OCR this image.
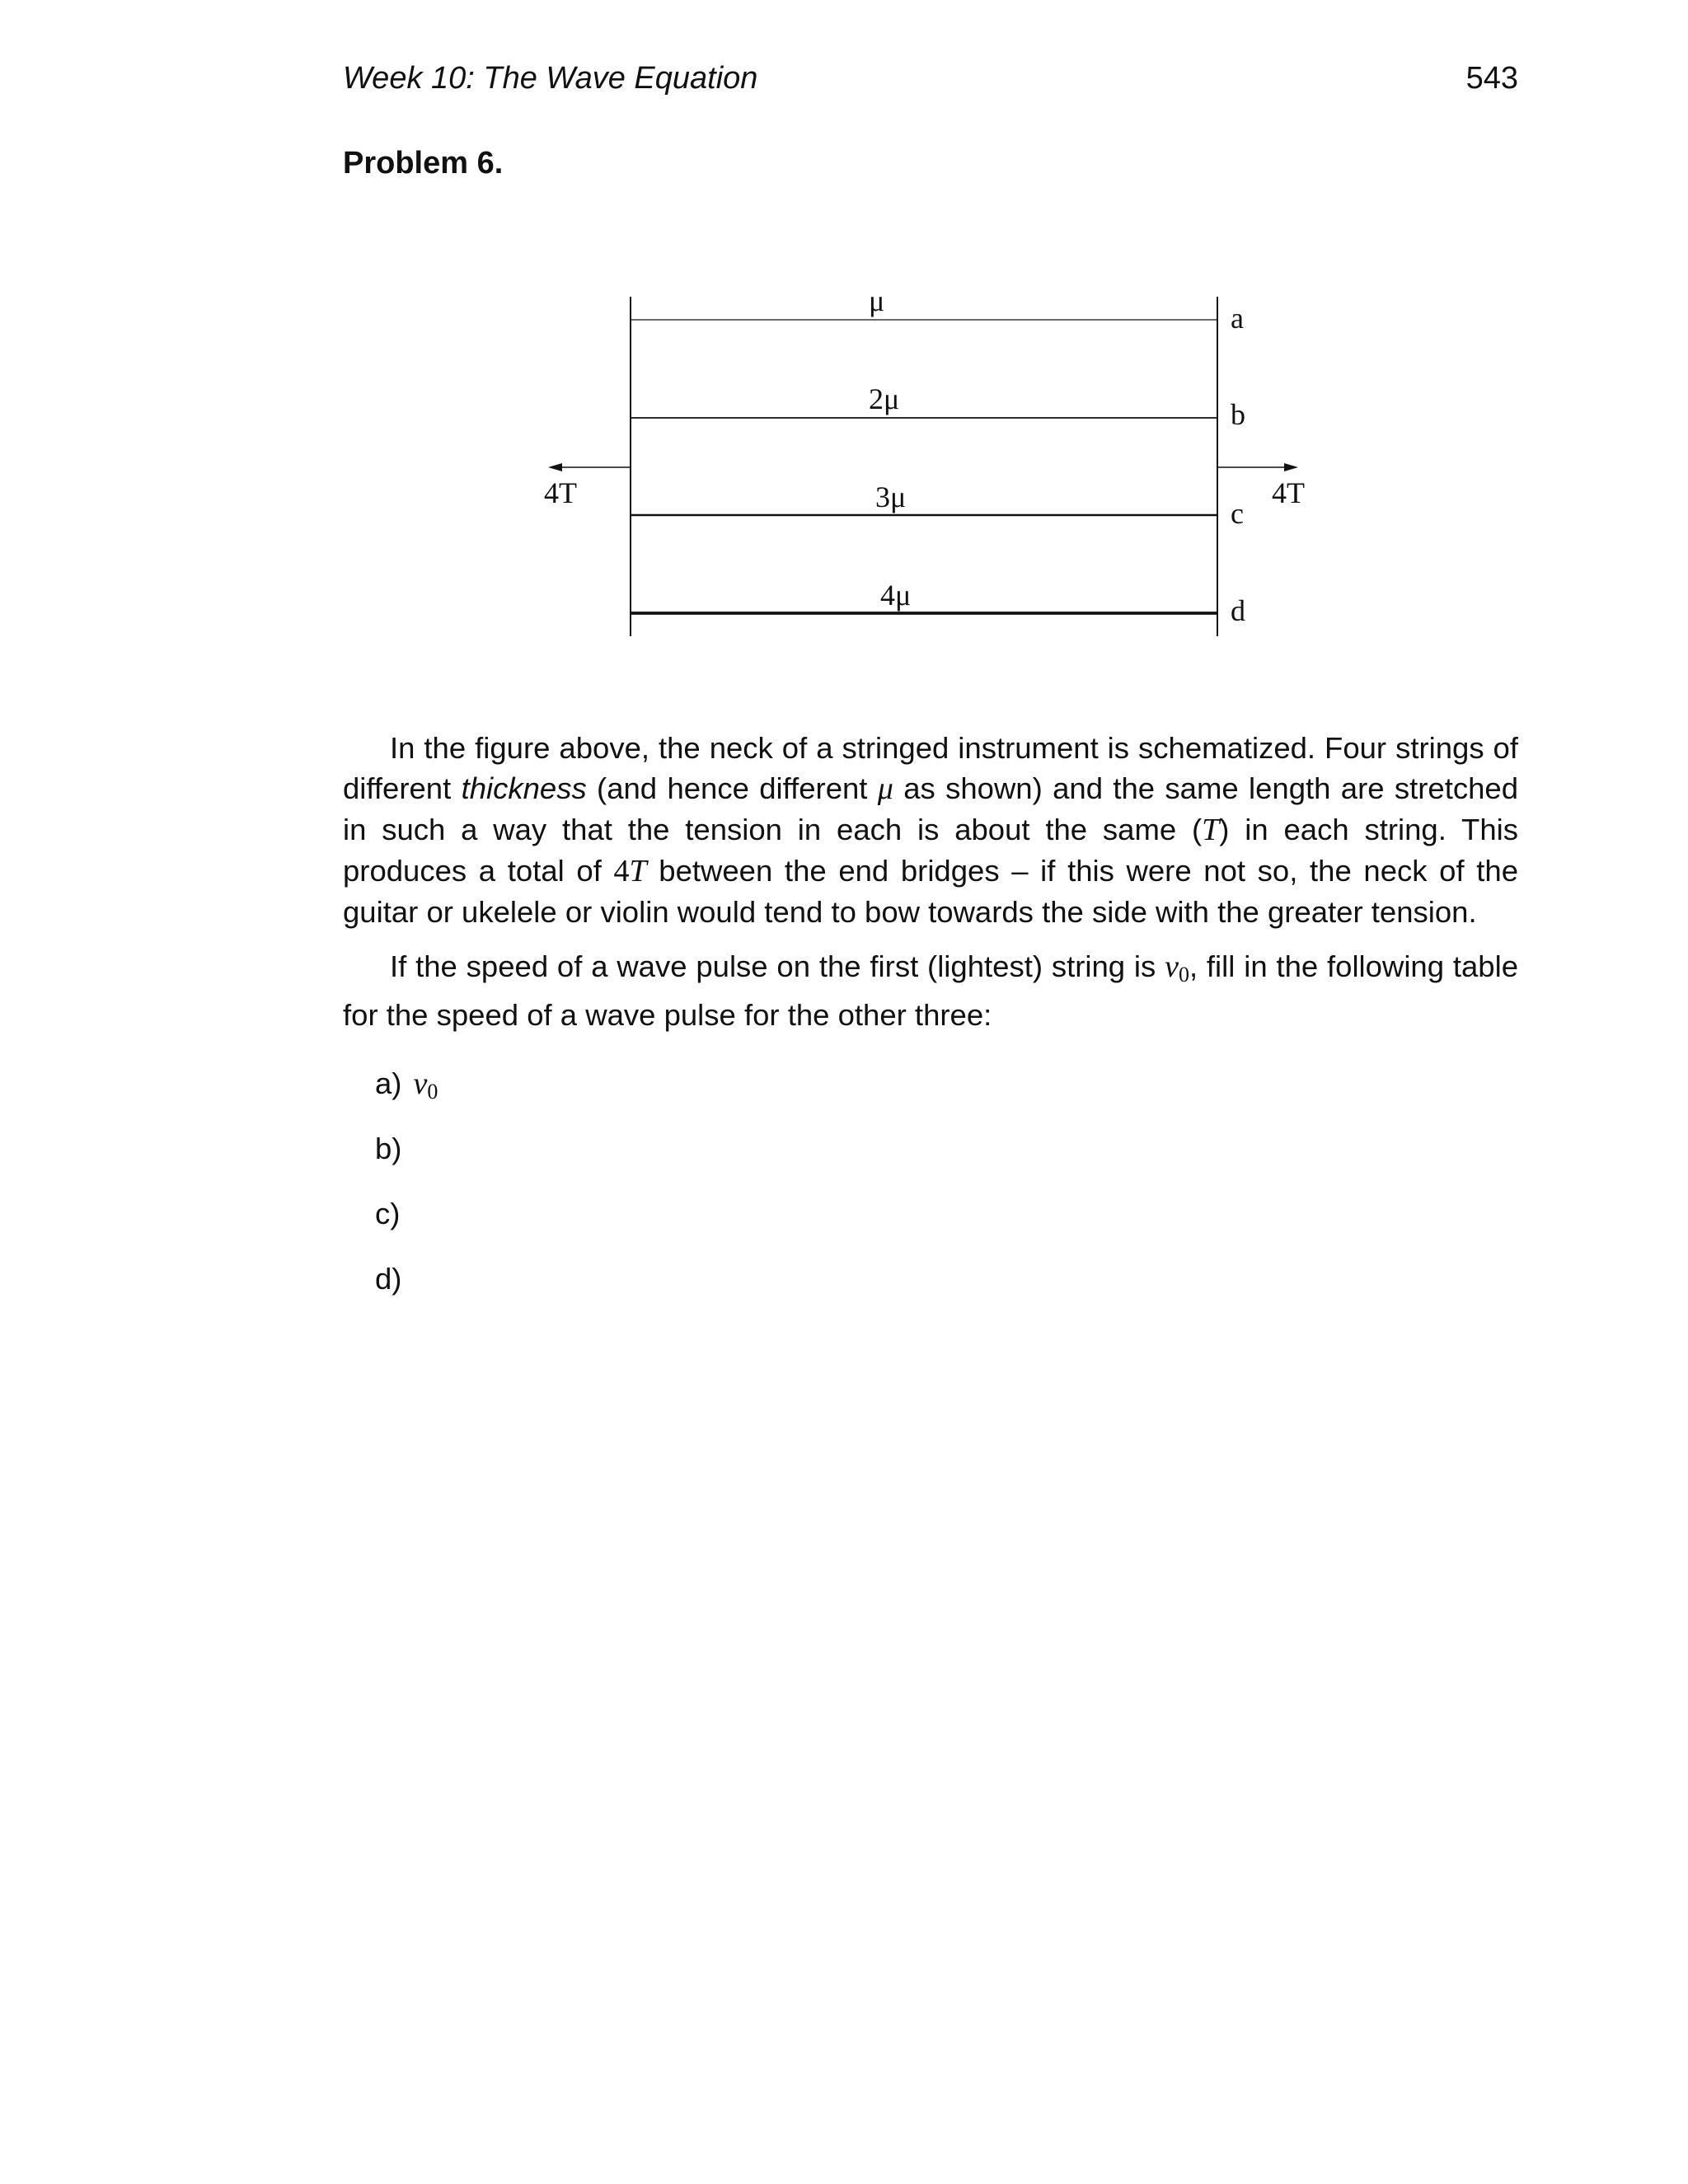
Week 10: The Wave Equation	543
Problem 6.
μ
2μ
3μ
4μ
a
b
c
d
4T	4T

In the figure above, the neck of a stringed instrument is schematized. Four strings of different thickness (and hence different μ as shown) and the same length are stretched in such a way that the tension in each is about the same (T) in each string. This produces a total of 4T between the end bridges – if this were not so, the neck of the guitar or ukelele or violin would tend to bow towards the side with the greater tension.

If the speed of a wave pulse on the first (lightest) string is $v_0$, fill in the following table for the speed of a wave pulse for the other three:

a) $v_0$
b)
c)
d)
